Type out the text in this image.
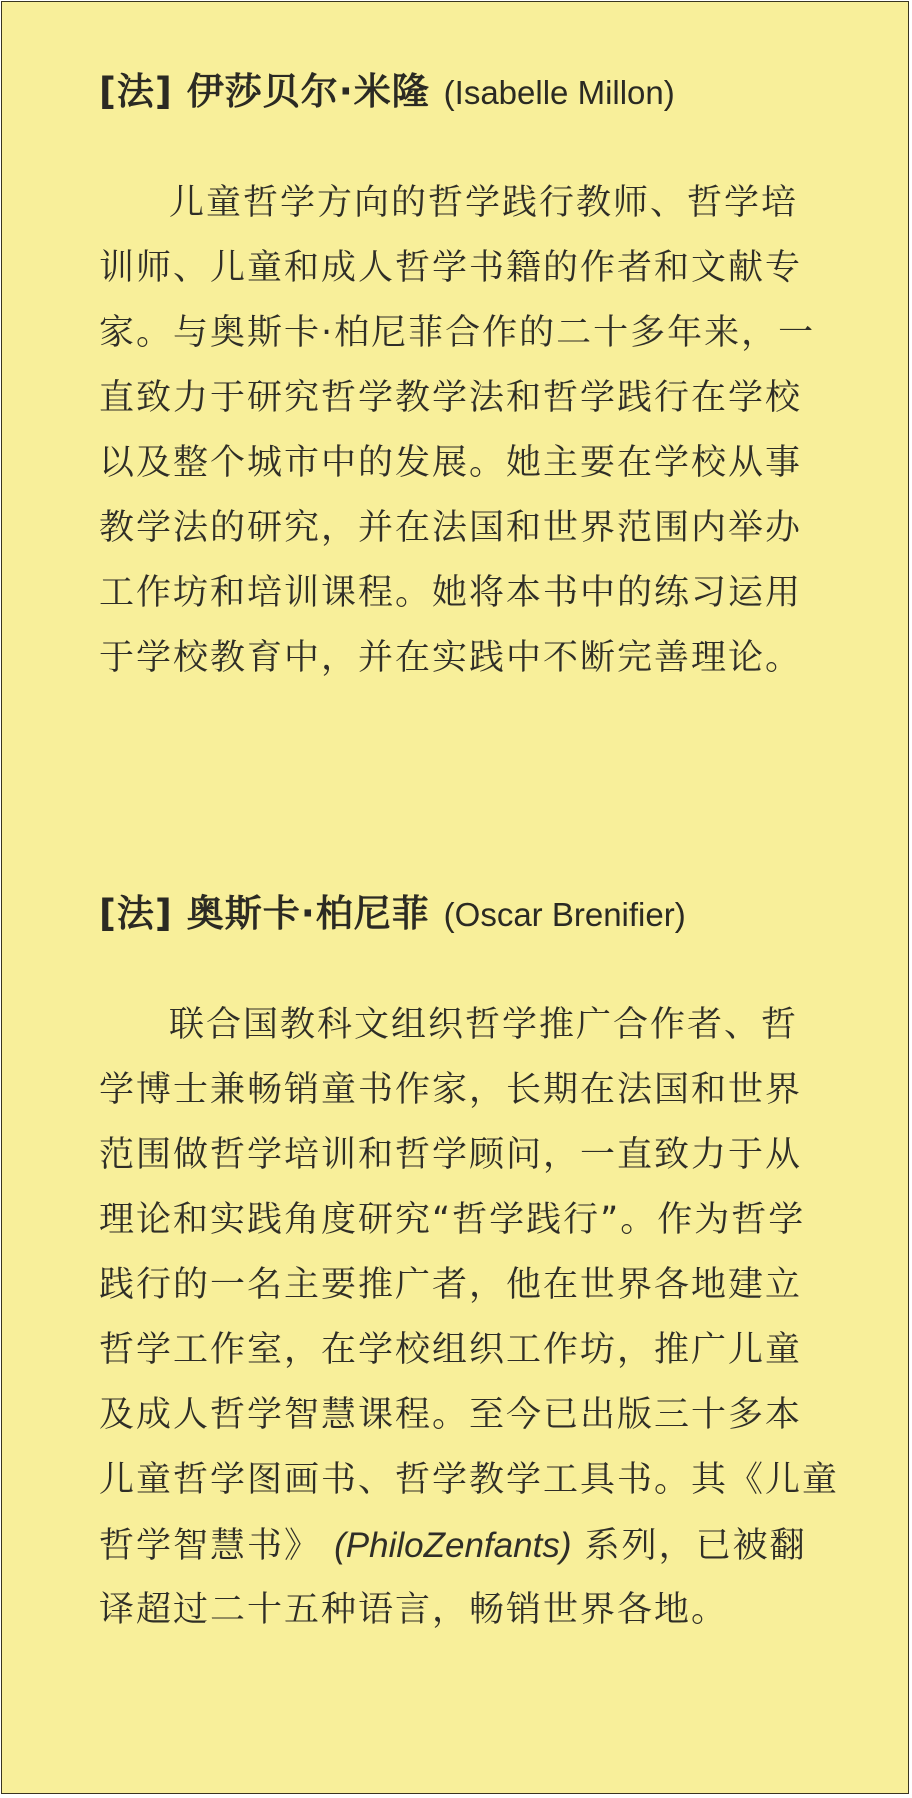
[法] 伊莎贝尔·米隆 (Isabelle Millon)

儿童哲学方向的哲学践行教师、哲学培

训师、儿童和成人哲学书籍的作者和文献专

家。与奥斯卡·柏尼菲合作的二十多年来，一

直致力于研究哲学教学法和哲学践行在学校

以及整个城市中的发展。她主要在学校从事

教学法的研究，并在法国和世界范围内举办

工作坊和培训课程。她将本书中的练习运用

于学校教育中，并在实践中不断完善理论。

[法] 奥斯卡·柏尼菲 (Oscar Brenifier)

联合国教科文组织哲学推广合作者、哲

学博士兼畅销童书作家，长期在法国和世界

范围做哲学培训和哲学顾问，一直致力于从

理论和实践角度研究“哲学践行”。作为哲学

践行的一名主要推广者，他在世界各地建立

哲学工作室，在学校组织工作坊，推广儿童

及成人哲学智慧课程。至今已出版三十多本

儿童哲学图画书、哲学教学工具书。其《儿童

哲学智慧书》 (PhiloZenfants) 系列，已被翻

译超过二十五种语言，畅销世界各地。
